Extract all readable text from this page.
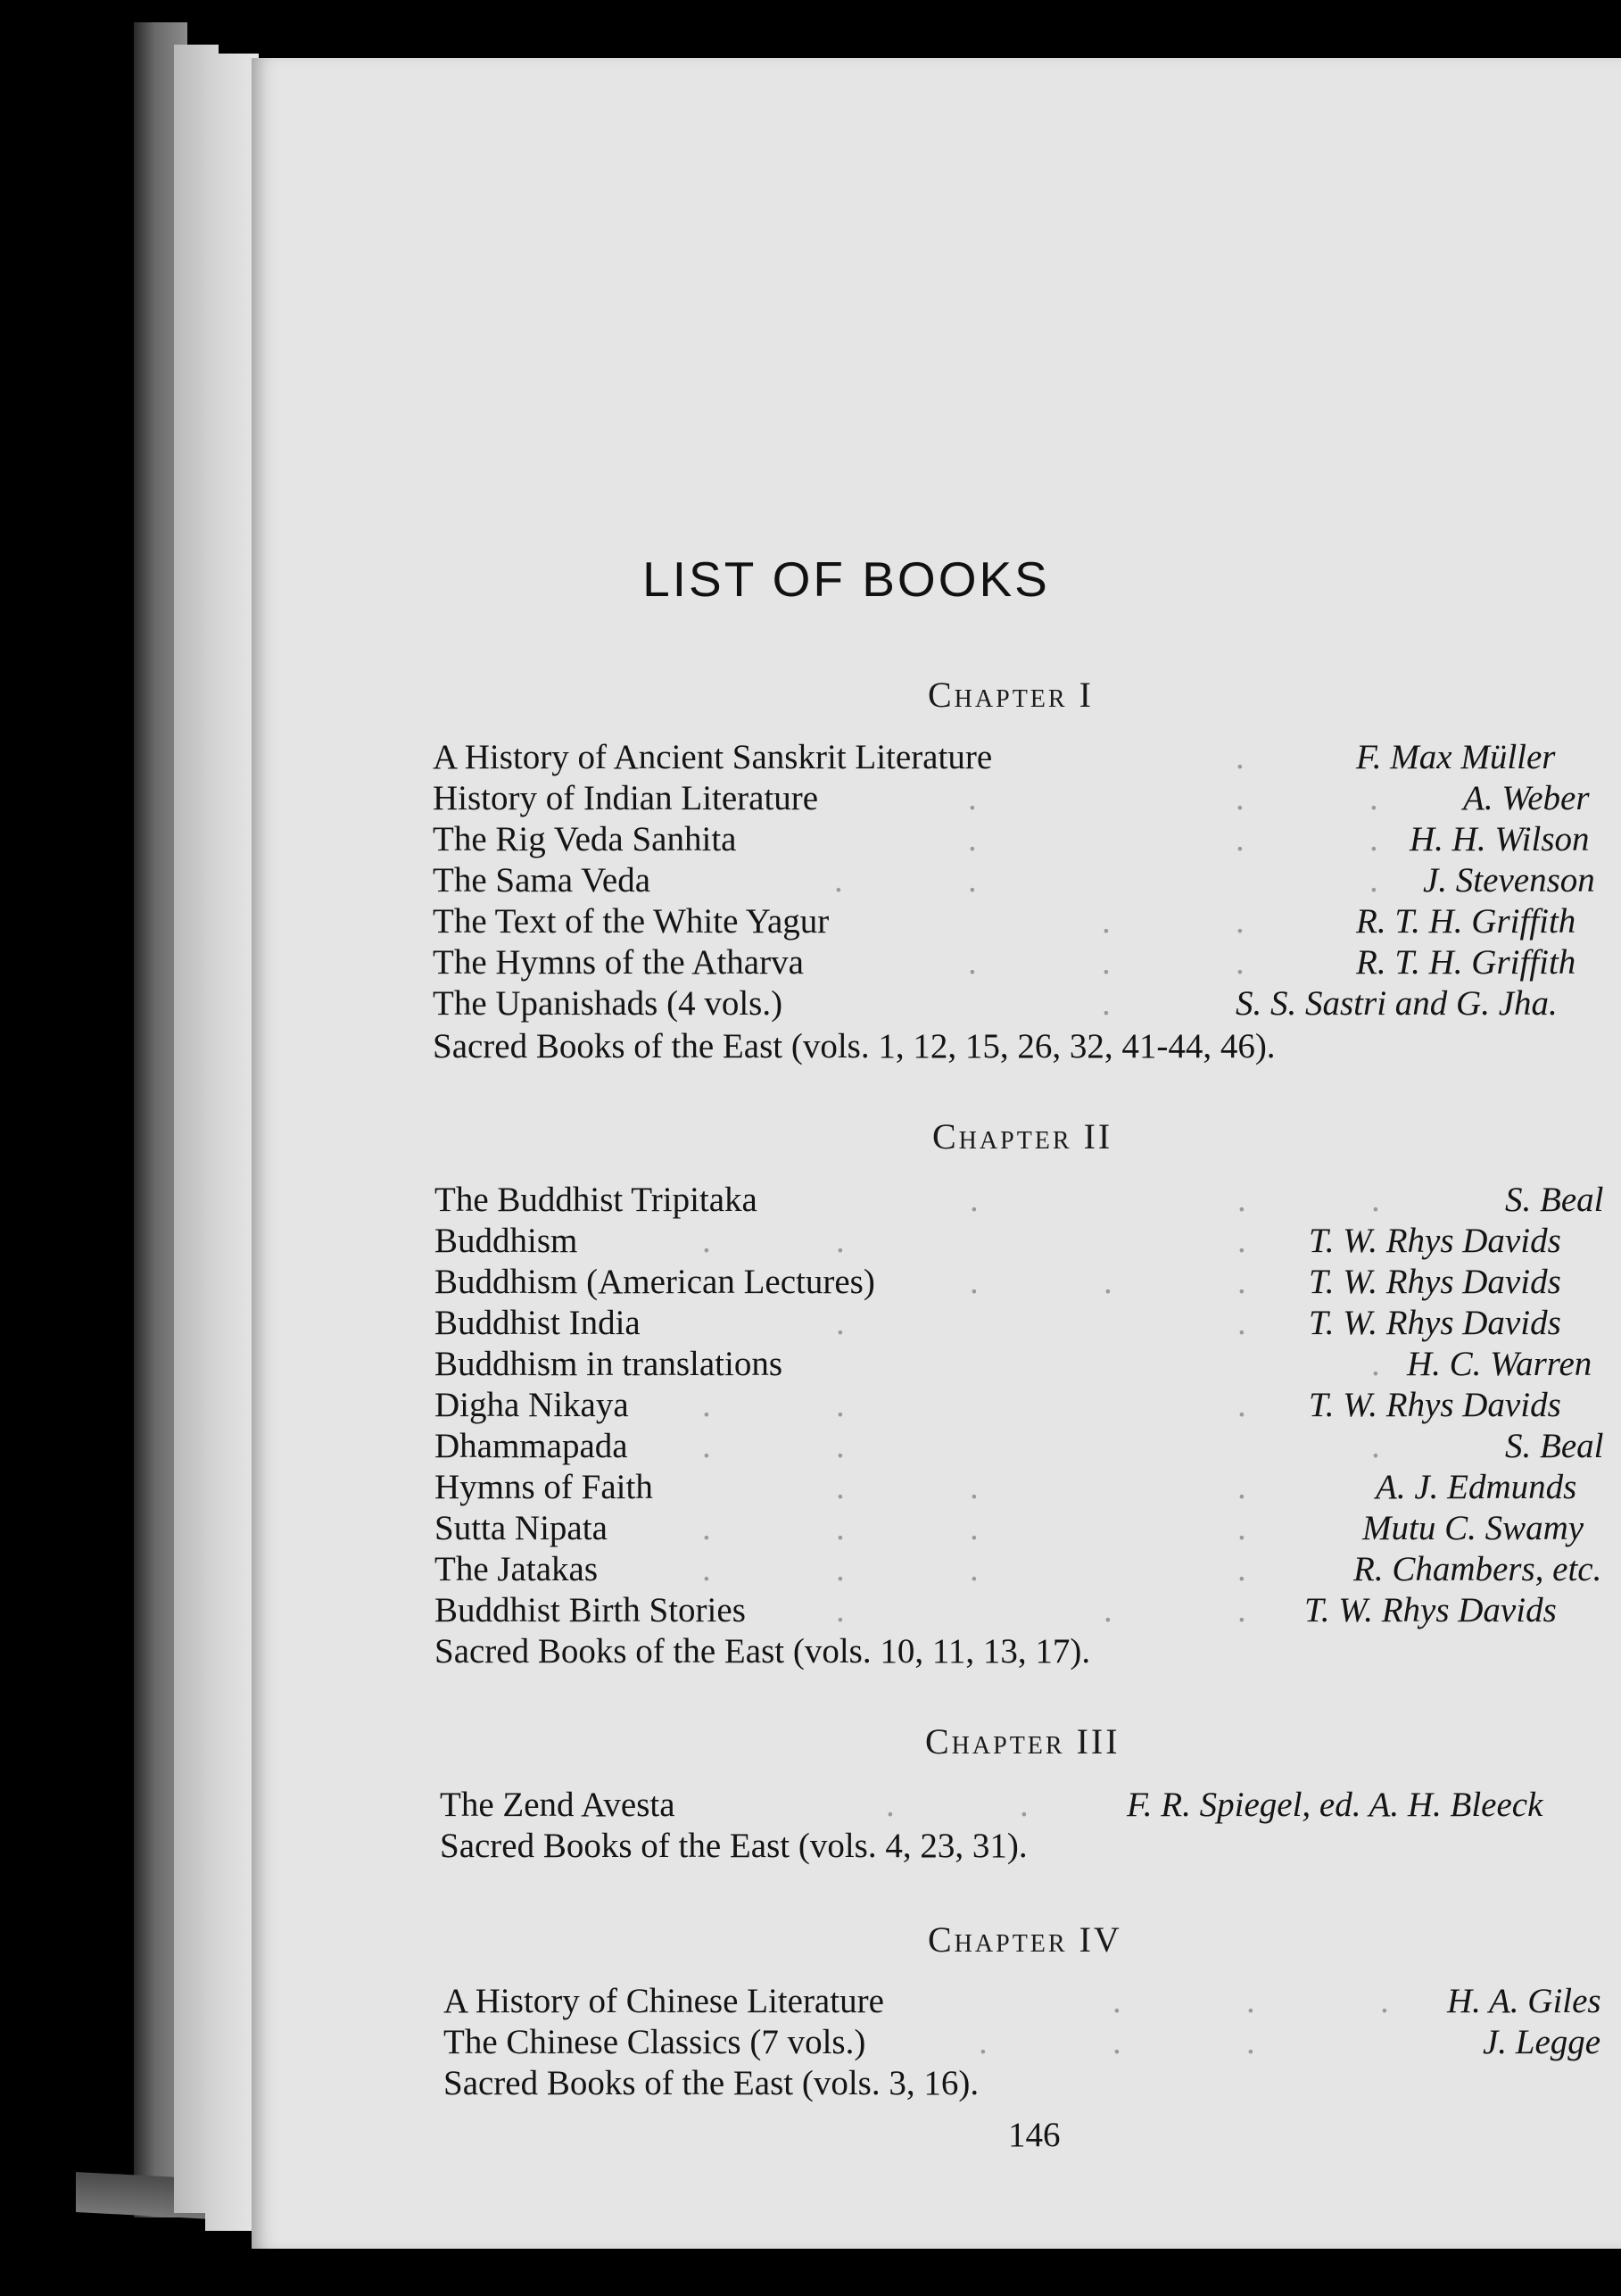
LIST OF BOOKS
Chapter I
A History of Ancient Sanskrit Literature	.	F. Max Müller
History of Indian Literature	.	.	. A. Weber
The Rig Veda Sanhita	.	.	. H. H. Wilson
The Sama Veda	.	.	. J. Stevenson
The Text of the White Yagur	.	.	R. T. H. Griffith
The Hymns of the Atharva	.	.	.	R. T. H. Griffith
The Upanishads (4 vols.)	.	S. S. Sastri and G. Jha.
Sacred Books of the East (vols. 1, 12, 15, 26, 32, 41-44, 46).
Chapter II
The Buddhist Tripitaka	.	.	.	S. Beal
Buddhism	.	.	. T. W. Rhys Davids
Buddhism (American Lectures)	.	.	. T. W. Rhys Davids
Buddhist India	.	. T. W. Rhys Davids
Buddhism in translations	. H. C. Warren
Digha Nikaya .	.	. T. W. Rhys Davids
Dhammapada .	.	.	S. Beal
Hymns of Faith	.	.	.	A. J. Edmunds
Sutta Nipata	.	.	.	.	Mutu C. Swamy
The Jatakas	.	.	.	.	R. Chambers, etc.
Buddhist Birth Stories	.	.	. T. W. Rhys Davids
Sacred Books of the East (vols. 10, 11, 13, 17).
Chapter III
The Zend Avesta	.	.	F. R. Spiegel, ed. A. H. Bleeck
Sacred Books of the East (vols. 4, 23, 31).
Chapter IV
A History of Chinese Literature	.	.	. H. A. Giles
The Chinese Classics (7 vols.)	.	.	.	J. Legge
Sacred Books of the East (vols. 3, 16).
146
